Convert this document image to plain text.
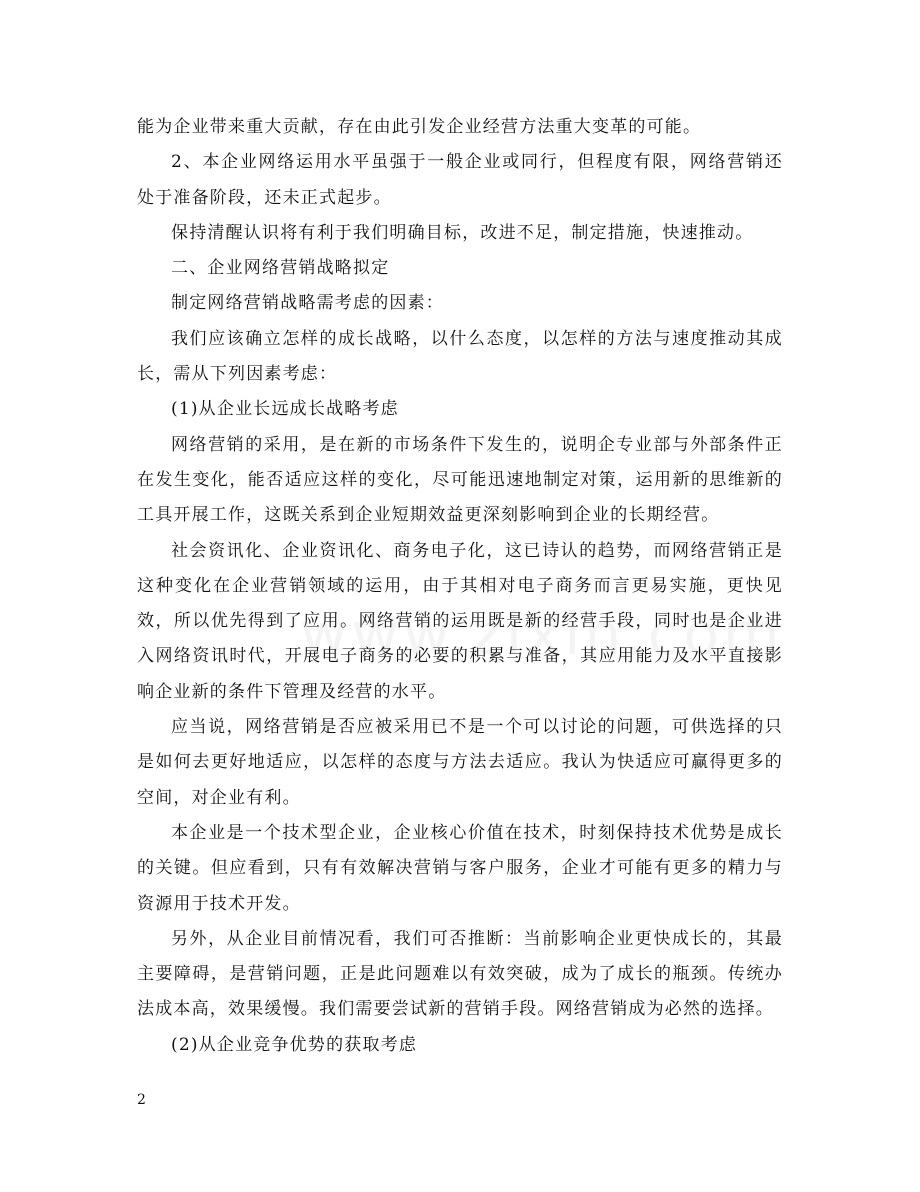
能为企业带来重大贡献，存在由此引发企业经营方法重大变革的可能。

2、本企业网络运用水平虽强于一般企业或同行，但程度有限，网络营销还处于准备阶段，还未正式起步。

保持清醒认识将有利于我们明确目标，改进不足，制定措施，快速推动。

二、企业网络营销战略拟定

制定网络营销战略需考虑的因素：

我们应该确立怎样的成长战略，以什么态度，以怎样的方法与速度推动其成长，需从下列因素考虑：

(1)从企业长远成长战略考虑

网络营销的采用，是在新的市场条件下发生的，说明企专业部与外部条件正在发生变化，能否适应这样的变化，尽可能迅速地制定对策，运用新的思维新的工具开展工作，这既关系到企业短期效益更深刻影响到企业的长期经营。

社会资讯化、企业资讯化、商务电子化，这已诗认的趋势，而网络营销正是这种变化在企业营销领域的运用，由于其相对电子商务而言更易实施，更快见效，所以优先得到了应用。网络营销的运用既是新的经营手段，同时也是企业进入网络资讯时代，开展电子商务的必要的积累与准备，其应用能力及水平直接影响企业新的条件下管理及经营的水平。

应当说，网络营销是否应被采用已不是一个可以讨论的问题，可供选择的只是如何去更好地适应，以怎样的态度与方法去适应。我认为快适应可赢得更多的空间，对企业有利。

本企业是一个技术型企业，企业核心价值在技术，时刻保持技术优势是成长的关键。但应看到，只有有效解决营销与客户服务，企业才可能有更多的精力与资源用于技术开发。

另外，从企业目前情况看，我们可否推断：当前影响企业更快成长的，其最主要障碍，是营销问题，正是此问题难以有效突破，成为了成长的瓶颈。传统办法成本高，效果缓慢。我们需要尝试新的营销手段。网络营销成为必然的选择。

(2)从企业竞争优势的获取考虑

2
